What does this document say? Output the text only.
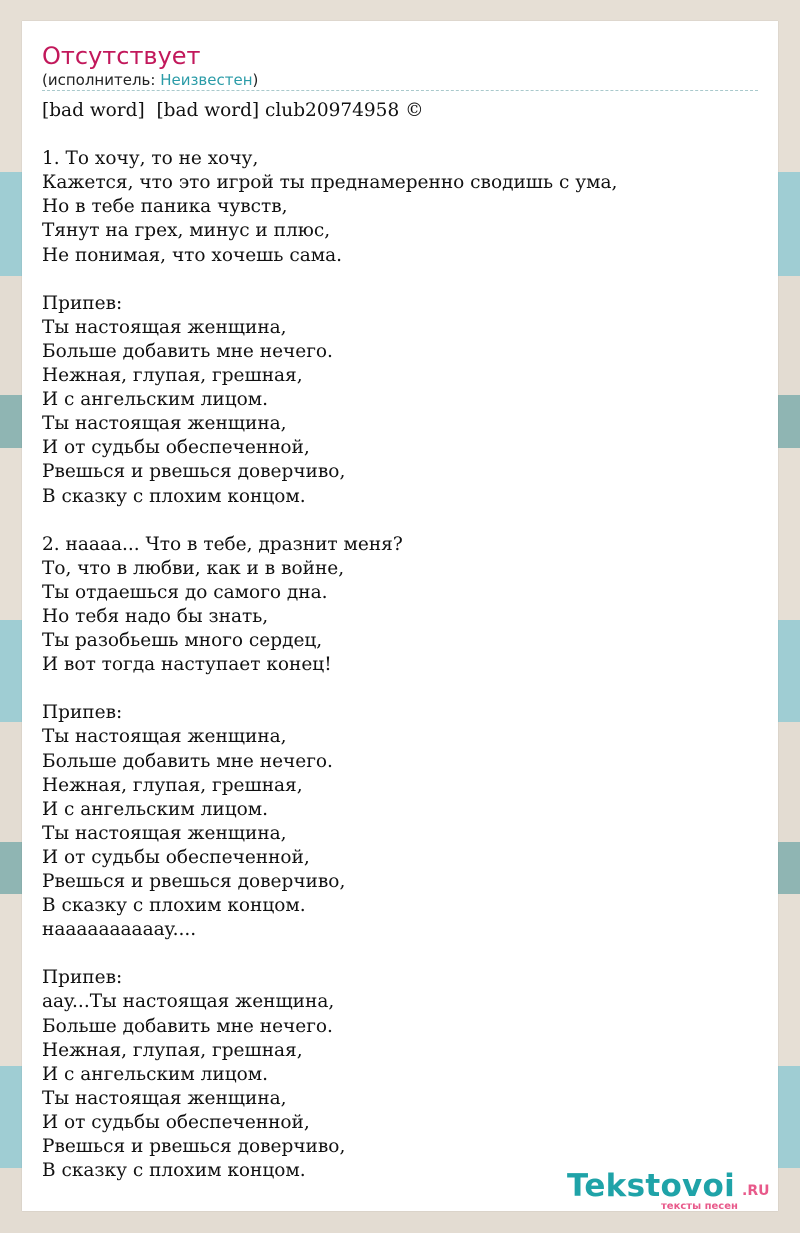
Отсутствует
(исполнитель: Неизвестен)
[bad word]  [bad word] club20974958 ©

1. То хочу, то не хочу,
Кажется, что это игрой ты преднамеренно сводишь с ума,
Но в тебе паника чувств,
Тянут на грех, минус и плюс,
Не понимая, что хочешь сама.

Припев:
Ты настоящая женщина,
Больше добавить мне нечего.
Нежная, глупая, грешная,
И с ангельским лицом.
Ты настоящая женщина,
И от судьбы обеспеченной,
Рвешься и рвешься доверчиво,
В сказку с плохим концом.

2. наааа... Что в тебе, дразнит меня?
То, что в любви, как и в войне,
Ты отдаешься до самого дна.
Но тебя надо бы знать,
Ты разобьешь много сердец,
И вот тогда наступает конец!

Припев:
Ты настоящая женщина,
Больше добавить мне нечего.
Нежная, глупая, грешная,
И с ангельским лицом.
Ты настоящая женщина,
И от судьбы обеспеченной,
Рвешься и рвешься доверчиво,
В сказку с плохим концом.
нааааааааааy....

Припев:
ааy...Ты настоящая женщина,
Больше добавить мне нечего.
Нежная, глупая, грешная,
И с ангельским лицом.
Ты настоящая женщина,
И от судьбы обеспеченной,
Рвешься и рвешься доверчиво,
В сказку с плохим концом.	Tekstovoi .RU
тексты песен
